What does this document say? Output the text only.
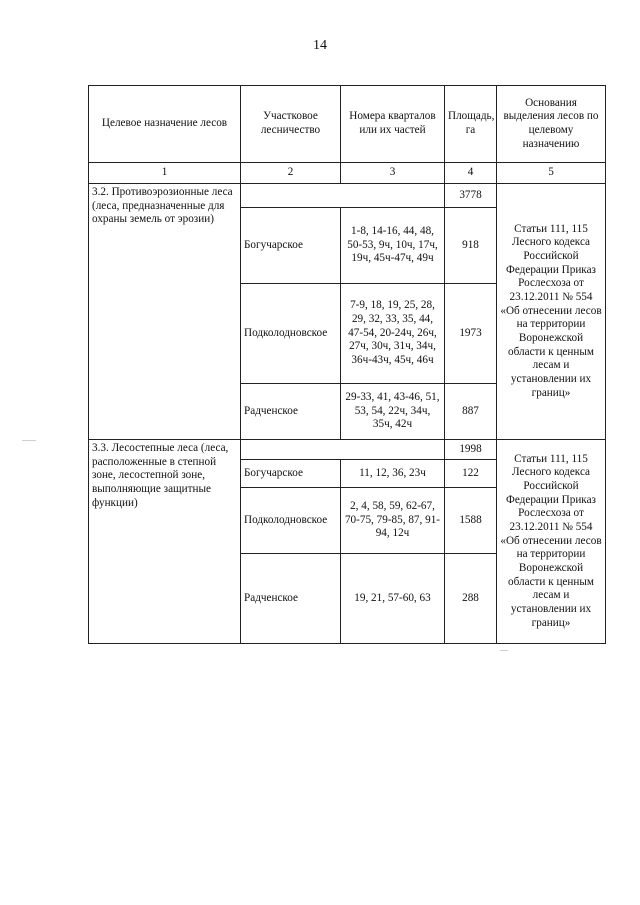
14
Целевое назначение лесов	Участковое лесничество	Номера кварталов или их частей	Площадь, га	Основания выделения лесов по целевому назначению
1	2	3	4	5
3.2. Противоэрозионные леса (леса, предназначенные для охраны земель от эрозии)			3778	Статьи 111, 115 Лесного кодекса Российской Федерации Приказ Рослесхоза от 23.12.2011 № 554 «Об отнесении лесов на территории Воронежской области к ценным лесам и установлении их границ»
	Богучарское	1-8, 14-16, 44, 48, 50-53, 9ч, 10ч, 17ч, 19ч, 45ч-47ч, 49ч	918	
	Подколодновское	7-9, 18, 19, 25, 28, 29, 32, 33, 35, 44, 47-54, 20-24ч, 26ч, 27ч, 30ч, 31ч, 34ч, 36ч-43ч, 45ч, 46ч	1973	
	Радченское	29-33, 41, 43-46, 51, 53, 54, 22ч, 34ч, 35ч, 42ч	887	
3.3. Лесостепные леса (леса, расположенные в степной зоне, лесостепной зоне, выполняющие защитные функции)			1998	Статьи 111, 115 Лесного кодекса Российской Федерации Приказ Рослесхоза от 23.12.2011 № 554 «Об отнесении лесов на территории Воронежской области к ценным лесам и установлении их границ»
	Богучарское	11, 12, 36, 23ч	122	
	Подколодновское	2, 4, 58, 59, 62-67, 70-75, 79-85, 87, 91-94, 12ч	1588	
	Радченское	19, 21, 57-60, 63	288	
